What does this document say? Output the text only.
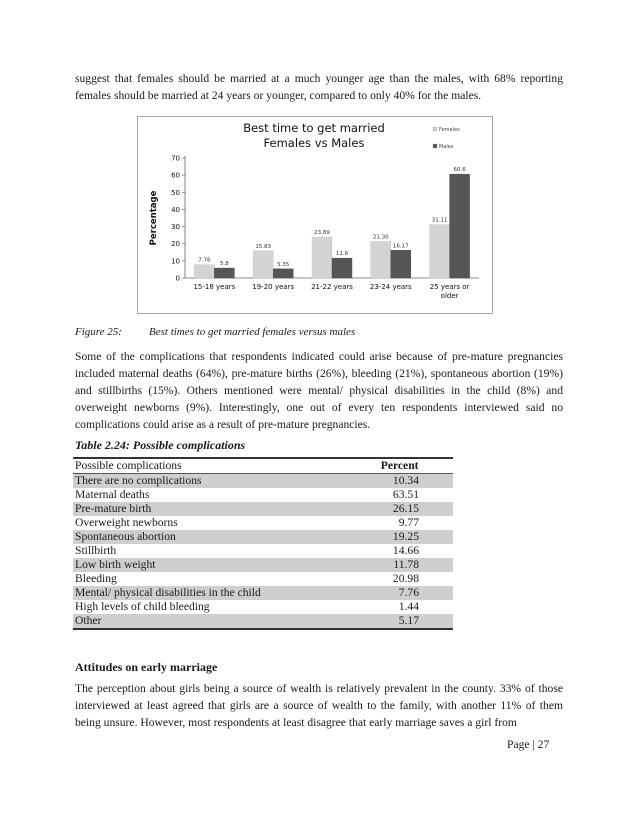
suggest that females should be married at a much younger age than the males, with 68% reporting females should be married at 24 years or younger, compared to only 40% for the males.
Best time to get married
Females vs Males
Females
Males
Percentage
0
10
20
30
40
50
60
70
7.76
5.8
15-18 years
15.83
5.35
19-20 years
23.89
11.6
21-22 years
21.30
16.17
23-24 years
31.11
60.6
25 years or older
Figure 25: Best times to get married females versus males
Some of the complications that respondents indicated could arise because of pre-mature pregnancies included maternal deaths (64%), pre-mature births (26%), bleeding (21%), spontaneous abortion (19%) and stillbirths (15%). Others mentioned were mental/ physical disabilities in the child (8%) and overweight newborns (9%). Interestingly, one out of every ten respondents interviewed said no complications could arise as a result of pre-mature pregnancies.
Table 2.24: Possible complications
Possible complications	Percent
There are no complications	10.34
Maternal deaths	63.51
Pre-mature birth	26.15
Overweight newborns	9.77
Spontaneous abortion	19.25
Stillbirth	14.66
Low birth weight	11.78
Bleeding	20.98
Mental/ physical disabilities in the child	7.76
High levels of child bleeding	1.44
Other	5.17
Attitudes on early marriage
The perception about girls being a source of wealth is relatively prevalent in the county. 33% of those interviewed at least agreed that girls are a source of wealth to the family, with another 11% of them being unsure. However, most respondents at least disagree that early marriage saves a girl from
Page | 27
